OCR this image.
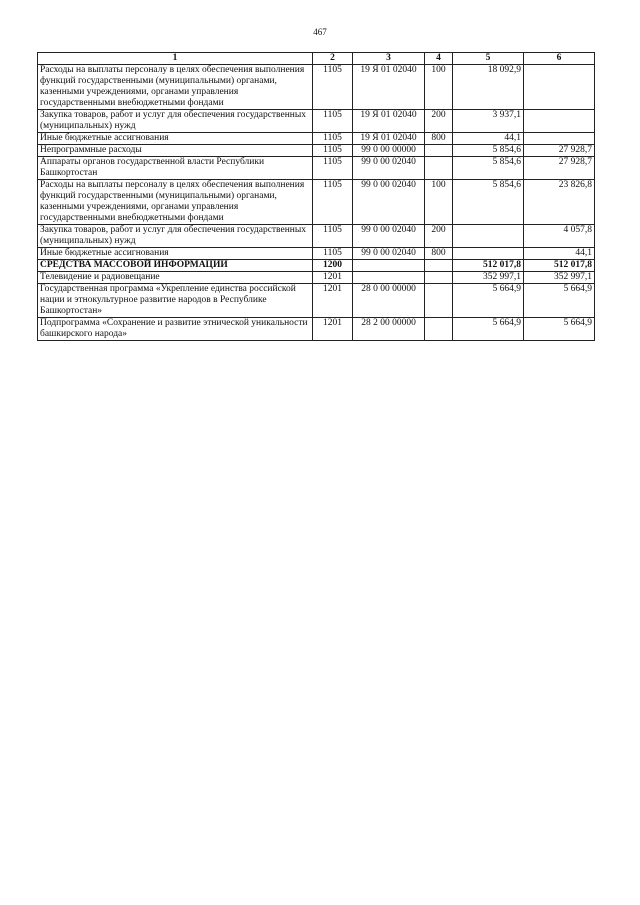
467
1	2	3	4	5	6
Расходы на выплаты персоналу в целях обеспечения выполнения функций государственными (муниципальными) органами, казенными учреждениями, органами управления государственными внебюджетными фондами	1105	19 Я 01 02040	100	18 092,9	
Закупка товаров, работ и услуг для обеспечения государственных (муниципальных) нужд	1105	19 Я 01 02040	200	3 937,1	
Иные бюджетные ассигнования	1105	19 Я 01 02040	800	44,1	
Непрограммные расходы	1105	99 0 00 00000		5 854,6	27 928,7
Аппараты органов государственной власти Республики Башкортостан	1105	99 0 00 02040		5 854,6	27 928,7
Расходы на выплаты персоналу в целях обеспечения выполнения функций государственными (муниципальными) органами, казенными учреждениями, органами управления государственными внебюджетными фондами	1105	99 0 00 02040	100	5 854,6	23 826,8
Закупка товаров, работ и услуг для обеспечения государственных (муниципальных) нужд	1105	99 0 00 02040	200		4 057,8
Иные бюджетные ассигнования	1105	99 0 00 02040	800		44,1
СРЕДСТВА МАССОВОЙ ИНФОРМАЦИИ	1200			512 017,8	512 017,8
Телевидение и радиовещание	1201			352 997,1	352 997,1
Государственная программа «Укрепление единства российской нации и этнокультурное развитие народов в Республике Башкортостан»	1201	28 0 00 00000		5 664,9	5 664,9
Подпрограмма «Сохранение и развитие этнической уникальности башкирского народа»	1201	28 2 00 00000		5 664,9	5 664,9
